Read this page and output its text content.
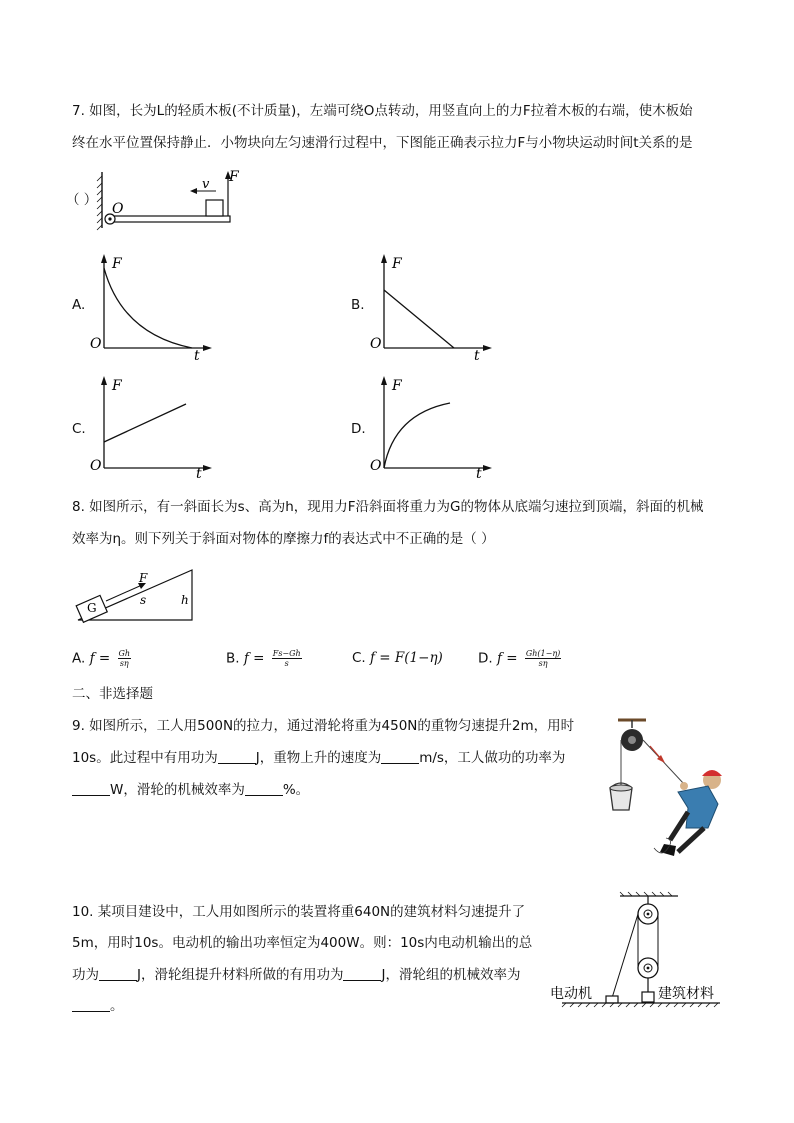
7. 如图，长为L的轻质木板(不计质量)，左端可绕O点转动，用竖直向上的力F拉着木板的右端，使木板始
终在水平位置保持静止．小物块向左匀速滑行过程中，下图能正确表示拉力F与小物块运动时间t关系的是
（ ）
O
v F
A.
F
O
t
B.
F
O
t
C.
F
O	t
D.
F
O	t
8. 如图所示，有一斜面长为s、高为h，现用力F沿斜面将重力为G的物体从底端匀速拉到顶端，斜面的机械
效率为η。则下列关于斜面对物体的摩擦力f的表达式中不正确的是（ ）
G
F
s	h
A. $f = \frac{Gh}{s\eta}$	B. $f = \frac{Fs-Gh}{s}$	C. f = F(1−η)	D. $f = \frac{Gh(1-\eta)}{s\eta}$
二、非选择题
9. 如图所示，工人用500N的拉力，通过滑轮将重为450N的重物匀速提升2m，用时
10s。此过程中有用功为	J，重物上升的速度为	m/s，工人做功的功率为
W，滑轮的机械效率为	%。
10. 某项目建设中，工人用如图所示的装置将重640N的建筑材料匀速提升了
5m，用时10s。电动机的输出功率恒定为400W。则：10s内电动机输出的总
功为	J，滑轮组提升材料所做的有用功为	J，滑轮组的机械效率为
。
电动机	建筑材料
